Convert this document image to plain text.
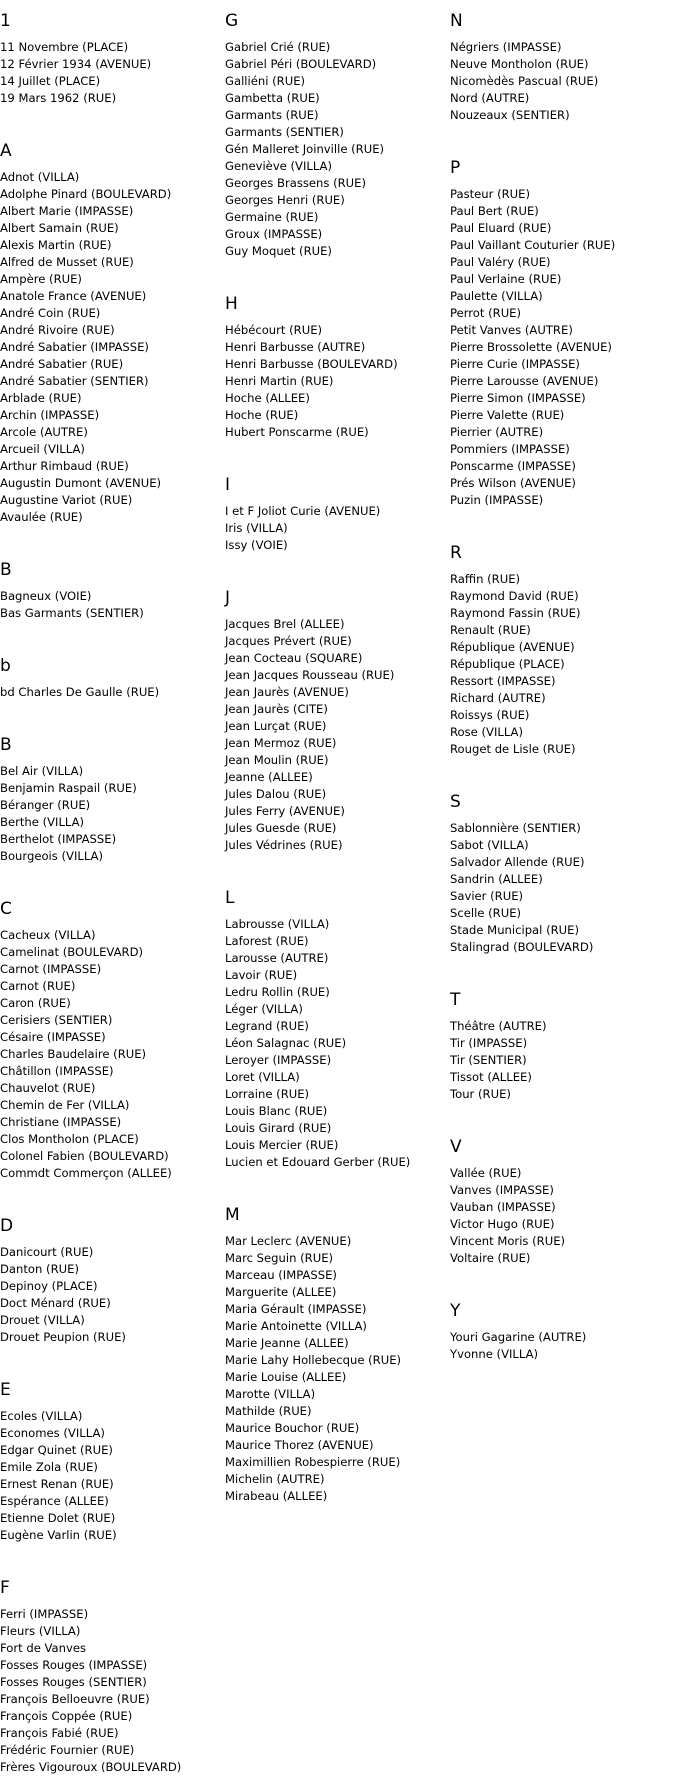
1
11 Novembre (PLACE)
12 Février 1934 (AVENUE)
14 Juillet (PLACE)
19 Mars 1962 (RUE)
A
Adnot (VILLA)
Adolphe Pinard (BOULEVARD)
Albert Marie (IMPASSE)
Albert Samain (RUE)
Alexis Martin (RUE)
Alfred de Musset (RUE)
Ampère (RUE)
Anatole France (AVENUE)
André Coin (RUE)
André Rivoire (RUE)
André Sabatier (IMPASSE)
André Sabatier (RUE)
André Sabatier (SENTIER)
Arblade (RUE)
Archin (IMPASSE)
Arcole (AUTRE)
Arcueil (VILLA)
Arthur Rimbaud (RUE)
Augustin Dumont (AVENUE)
Augustine Variot (RUE)
Avaulée (RUE)
B
Bagneux (VOIE)
Bas Garmants (SENTIER)
b
bd Charles De Gaulle (RUE)
B
Bel Air (VILLA)
Benjamin Raspail (RUE)
Béranger (RUE)
Berthe (VILLA)
Berthelot (IMPASSE)
Bourgeois (VILLA)
C
Cacheux (VILLA)
Camelinat (BOULEVARD)
Carnot (IMPASSE)
Carnot (RUE)
Caron (RUE)
Cerisiers (SENTIER)
Césaire (IMPASSE)
Charles Baudelaire (RUE)
Châtillon (IMPASSE)
Chauvelot (RUE)
Chemin de Fer (VILLA)
Christiane (IMPASSE)
Clos Montholon (PLACE)
Colonel Fabien (BOULEVARD)
Commdt Commerçon (ALLEE)
D
Danicourt (RUE)
Danton (RUE)
Depinoy (PLACE)
Doct Ménard (RUE)
Drouet (VILLA)
Drouet Peupion (RUE)
E
Ecoles (VILLA)
Economes (VILLA)
Edgar Quinet (RUE)
Emile Zola (RUE)
Ernest Renan (RUE)
Espérance (ALLEE)
Etienne Dolet (RUE)
Eugène Varlin (RUE)
F
Ferri (IMPASSE)
Fleurs (VILLA)
Fort de Vanves
Fosses Rouges (IMPASSE)
Fosses Rouges (SENTIER)
François Belloeuvre (RUE)
François Coppée (RUE)
François Fabié (RUE)
Frédéric Fournier (RUE)
Frères Vigouroux (BOULEVARD)
G
Gabriel Crié (RUE)
Gabriel Péri (BOULEVARD)
Galliéni (RUE)
Gambetta (RUE)
Garmants (RUE)
Garmants (SENTIER)
Gén Malleret Joinville (RUE)
Geneviève (VILLA)
Georges Brassens (RUE)
Georges Henri (RUE)
Germaine (RUE)
Groux (IMPASSE)
Guy Moquet (RUE)
H
Hébécourt (RUE)
Henri Barbusse (AUTRE)
Henri Barbusse (BOULEVARD)
Henri Martin (RUE)
Hoche (ALLEE)
Hoche (RUE)
Hubert Ponscarme (RUE)
I
I et F Joliot Curie (AVENUE)
Iris (VILLA)
Issy (VOIE)
J
Jacques Brel (ALLEE)
Jacques Prévert (RUE)
Jean Cocteau (SQUARE)
Jean Jacques Rousseau (RUE)
Jean Jaurès (AVENUE)
Jean Jaurès (CITE)
Jean Lurçat (RUE)
Jean Mermoz (RUE)
Jean Moulin (RUE)
Jeanne (ALLEE)
Jules Dalou (RUE)
Jules Ferry (AVENUE)
Jules Guesde (RUE)
Jules Védrines (RUE)
L
Labrousse (VILLA)
Laforest (RUE)
Larousse (AUTRE)
Lavoir (RUE)
Ledru Rollin (RUE)
Léger (VILLA)
Legrand (RUE)
Léon Salagnac (RUE)
Leroyer (IMPASSE)
Loret (VILLA)
Lorraine (RUE)
Louis Blanc (RUE)
Louis Girard (RUE)
Louis Mercier (RUE)
Lucien et Edouard Gerber (RUE)
M
Mar Leclerc (AVENUE)
Marc Seguin (RUE)
Marceau (IMPASSE)
Marguerite (ALLEE)
Maria Gérault (IMPASSE)
Marie Antoinette (VILLA)
Marie Jeanne (ALLEE)
Marie Lahy Hollebecque (RUE)
Marie Louise (ALLEE)
Marotte (VILLA)
Mathilde (RUE)
Maurice Bouchor (RUE)
Maurice Thorez (AVENUE)
Maximillien Robespierre (RUE)
Michelin (AUTRE)
Mirabeau (ALLEE)
N
Négriers (IMPASSE)
Neuve Montholon (RUE)
Nicomèdès Pascual (RUE)
Nord (AUTRE)
Nouzeaux (SENTIER)
P
Pasteur (RUE)
Paul Bert (RUE)
Paul Eluard (RUE)
Paul Vaillant Couturier (RUE)
Paul Valéry (RUE)
Paul Verlaine (RUE)
Paulette (VILLA)
Perrot (RUE)
Petit Vanves (AUTRE)
Pierre Brossolette (AVENUE)
Pierre Curie (IMPASSE)
Pierre Larousse (AVENUE)
Pierre Simon (IMPASSE)
Pierre Valette (RUE)
Pierrier (AUTRE)
Pommiers (IMPASSE)
Ponscarme (IMPASSE)
Prés Wilson (AVENUE)
Puzin (IMPASSE)
R
Raffin (RUE)
Raymond David (RUE)
Raymond Fassin (RUE)
Renault (RUE)
République (AVENUE)
République (PLACE)
Ressort (IMPASSE)
Richard (AUTRE)
Roissys (RUE)
Rose (VILLA)
Rouget de Lisle (RUE)
S
Sablonnière (SENTIER)
Sabot (VILLA)
Salvador Allende (RUE)
Sandrin (ALLEE)
Savier (RUE)
Scelle (RUE)
Stade Municipal (RUE)
Stalingrad (BOULEVARD)
T
Théâtre (AUTRE)
Tir (IMPASSE)
Tir (SENTIER)
Tissot (ALLEE)
Tour (RUE)
V
Vallée (RUE)
Vanves (IMPASSE)
Vauban (IMPASSE)
Victor Hugo (RUE)
Vincent Moris (RUE)
Voltaire (RUE)
Y
Youri Gagarine (AUTRE)
Yvonne (VILLA)
